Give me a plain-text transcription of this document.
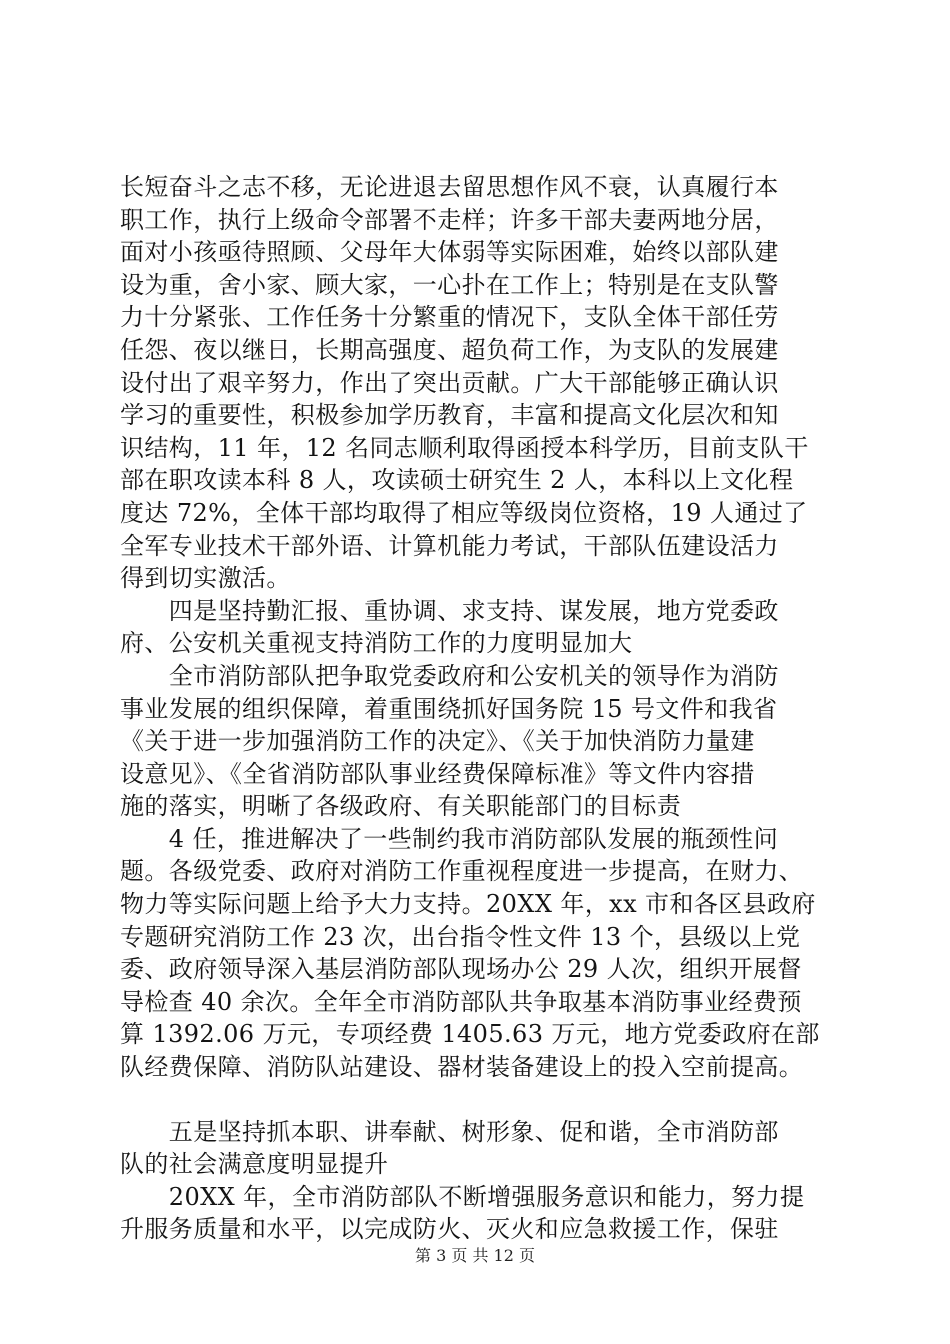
长短奋斗之志不移，无论进退去留思想作风不衰，认真履行本
职工作，执行上级命令部署不走样；许多干部夫妻两地分居，
面对小孩亟待照顾、父母年大体弱等实际困难，始终以部队建
设为重，舍小家、顾大家，一心扑在工作上；特别是在支队警
力十分紧张、工作任务十分繁重的情况下，支队全体干部任劳
任怨、夜以继日，长期高强度、超负荷工作，为支队的发展建
设付出了艰辛努力，作出了突出贡献。广大干部能够正确认识
学习的重要性，积极参加学历教育，丰富和提高文化层次和知
识结构，11 年，12 名同志顺利取得函授本科学历，目前支队干
部在职攻读本科 8 人，攻读硕士研究生 2 人，本科以上文化程
度达 72%，全体干部均取得了相应等级岗位资格，19 人通过了
全军专业技术干部外语、计算机能力考试，干部队伍建设活力
得到切实激活。
　　四是坚持勤汇报、重协调、求支持、谋发展，地方党委政
府、公安机关重视支持消防工作的力度明显加大
　　全市消防部队把争取党委政府和公安机关的领导作为消防
事业发展的组织保障，着重围绕抓好国务院 15 号文件和我省
《关于进一步加强消防工作的决定》、《关于加快消防力量建
设意见》、《全省消防部队事业经费保障标准》等文件内容措
施的落实，明晰了各级政府、有关职能部门的目标责
　　4 任，推进解决了一些制约我市消防部队发展的瓶颈性问
题。各级党委、政府对消防工作重视程度进一步提高，在财力、
物力等实际问题上给予大力支持。20XX 年，xx 市和各区县政府
专题研究消防工作 23 次，出台指令性文件 13 个，县级以上党
委、政府领导深入基层消防部队现场办公 29 人次，组织开展督
导检查 40 余次。全年全市消防部队共争取基本消防事业经费预
算 1392.06 万元，专项经费 1405.63 万元，地方党委政府在部
队经费保障、消防队站建设、器材装备建设上的投入空前提高。
　　五是坚持抓本职、讲奉献、树形象、促和谐，全市消防部
队的社会满意度明显提升
　　20XX 年，全市消防部队不断增强服务意识和能力，努力提
升服务质量和水平，以完成防火、灭火和应急救援工作，保驻
第 3 页 共 12 页
